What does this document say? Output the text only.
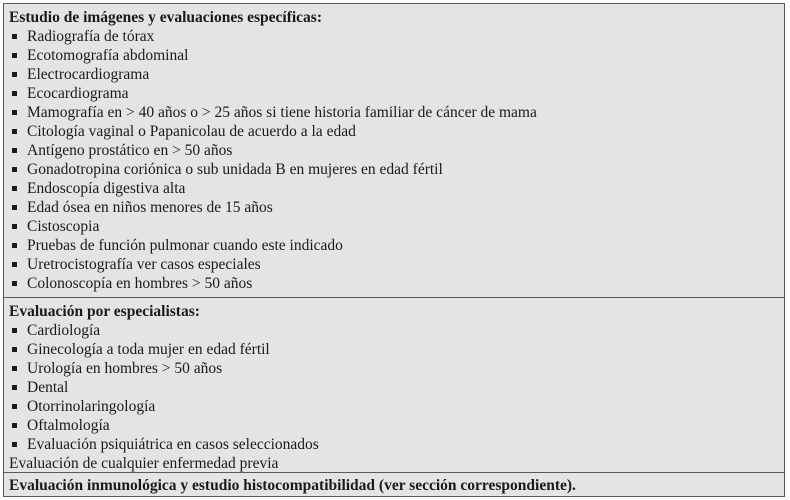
Estudio de imágenes y evaluaciones específicas:

Radiografía de tórax
Ecotomografía abdominal
Electrocardiograma
Ecocardiograma
Mamografía en > 40 años o > 25 años si tiene historia familiar de cáncer de mama
Citología vaginal o Papanicolau de acuerdo a la edad
Antígeno prostático en > 50 años
Gonadotropina coriónica o sub unidada B en mujeres en edad fértil
Endoscopía digestiva alta
Edad ósea en niños menores de 15 años
Cistoscopia
Pruebas de función pulmonar cuando este indicado
Uretrocistografía ver casos especiales
Colonoscopía en hombres > 50 años

Evaluación por especialistas:

Cardiología
Ginecología a toda mujer en edad fértil
Urología en hombres > 50 años
Dental
Otorrinolaringología
Oftalmología
Evaluación psiquiátrica en casos seleccionados

Evaluación de cualquier enfermedad previa

Evaluación inmunológica y estudio histocompatibilidad (ver sección correspondiente).
